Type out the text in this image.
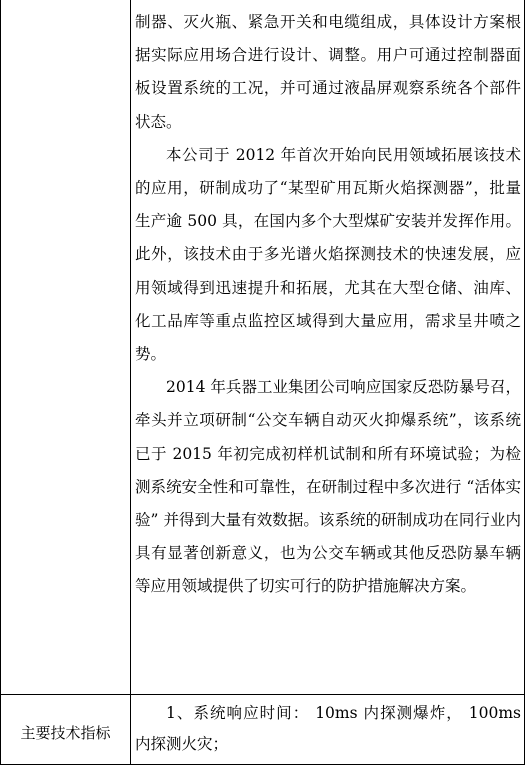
制器、灭火瓶、紧急开关和电缆组成，具体设计方案根据实际应用场合进行设计、调整。用户可通过控制器面板设置系统的工况，并可通过液晶屏观察系统各个部件状态。

本公司于 2012 年首次开始向民用领域拓展该技术的应用，研制成功了“某型矿用瓦斯火焰探测器”，批量生产逾 500 具，在国内多个大型煤矿安装并发挥作用。此外，该技术由于多光谱火焰探测技术的快速发展，应用领域得到迅速提升和拓展，尤其在大型仓储、油库、化工品库等重点监控区域得到大量应用，需求呈井喷之势。

2014 年兵器工业集团公司响应国家反恐防暴号召，牵头并立项研制“公交车辆自动灭火抑爆系统”，该系统已于 2015 年初完成初样机试制和所有环境试验；为检测系统安全性和可靠性，在研制过程中多次进行 “活体实验” 并得到大量有效数据。该系统的研制成功在同行业内具有显著创新意义，也为公交车辆或其他反恐防暴车辆等应用领域提供了切实可行的防护措施解决方案。

主要技术指标

1、系统响应时间： 10ms 内探测爆炸， 100ms 内探测火灾；
